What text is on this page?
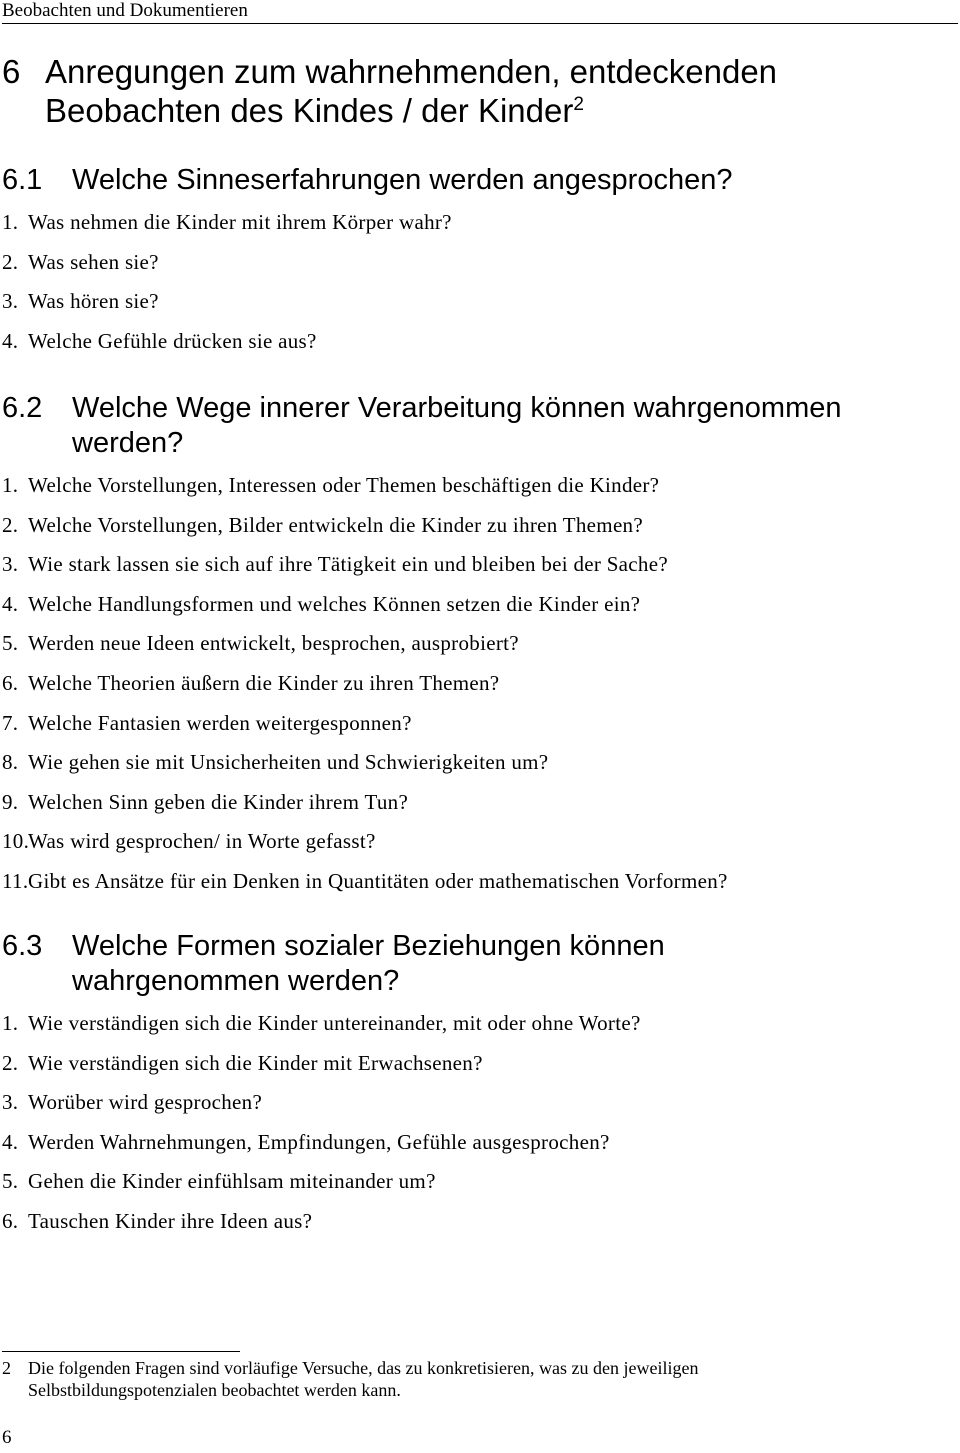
Beobachten und Dokumentieren
6 Anregungen zum wahrnehmenden, entdeckenden
Beobachten des Kindes / der Kinder$^2$
6.1 Welche Sinneserfahrungen werden angesprochen?
1. Was nehmen die Kinder mit ihrem Körper wahr?
2. Was sehen sie?
3. Was hören sie?
4. Welche Gefühle drücken sie aus?
6.2 Welche Wege innerer Verarbeitung können wahrgenommen
werden?
1. Welche Vorstellungen, Interessen oder Themen beschäftigen die Kinder?
2. Welche Vorstellungen, Bilder entwickeln die Kinder zu ihren Themen?
3. Wie stark lassen sie sich auf ihre Tätigkeit ein und bleiben bei der Sache?
4. Welche Handlungsformen und welches Können setzen die Kinder ein?
5. Werden neue Ideen entwickelt, besprochen, ausprobiert?
6. Welche Theorien äußern die Kinder zu ihren Themen?
7. Welche Fantasien werden weitergesponnen?
8. Wie gehen sie mit Unsicherheiten und Schwierigkeiten um?
9. Welchen Sinn geben die Kinder ihrem Tun?
10.Was wird gesprochen/ in Worte gefasst?
11.Gibt es Ansätze für ein Denken in Quantitäten oder mathematischen Vorformen?
6.3 Welche Formen sozialer Beziehungen können
wahrgenommen werden?
1. Wie verständigen sich die Kinder untereinander, mit oder ohne Worte?
2. Wie verständigen sich die Kinder mit Erwachsenen?
3. Worüber wird gesprochen?
4. Werden Wahrnehmungen, Empfindungen, Gefühle ausgesprochen?
5. Gehen die Kinder einfühlsam miteinander um?
6. Tauschen Kinder ihre Ideen aus?
2 Die folgenden Fragen sind vorläufige Versuche, das zu konkretisieren, was zu den jeweiligen
Selbstbildungspotenzialen beobachtet werden kann.
6
